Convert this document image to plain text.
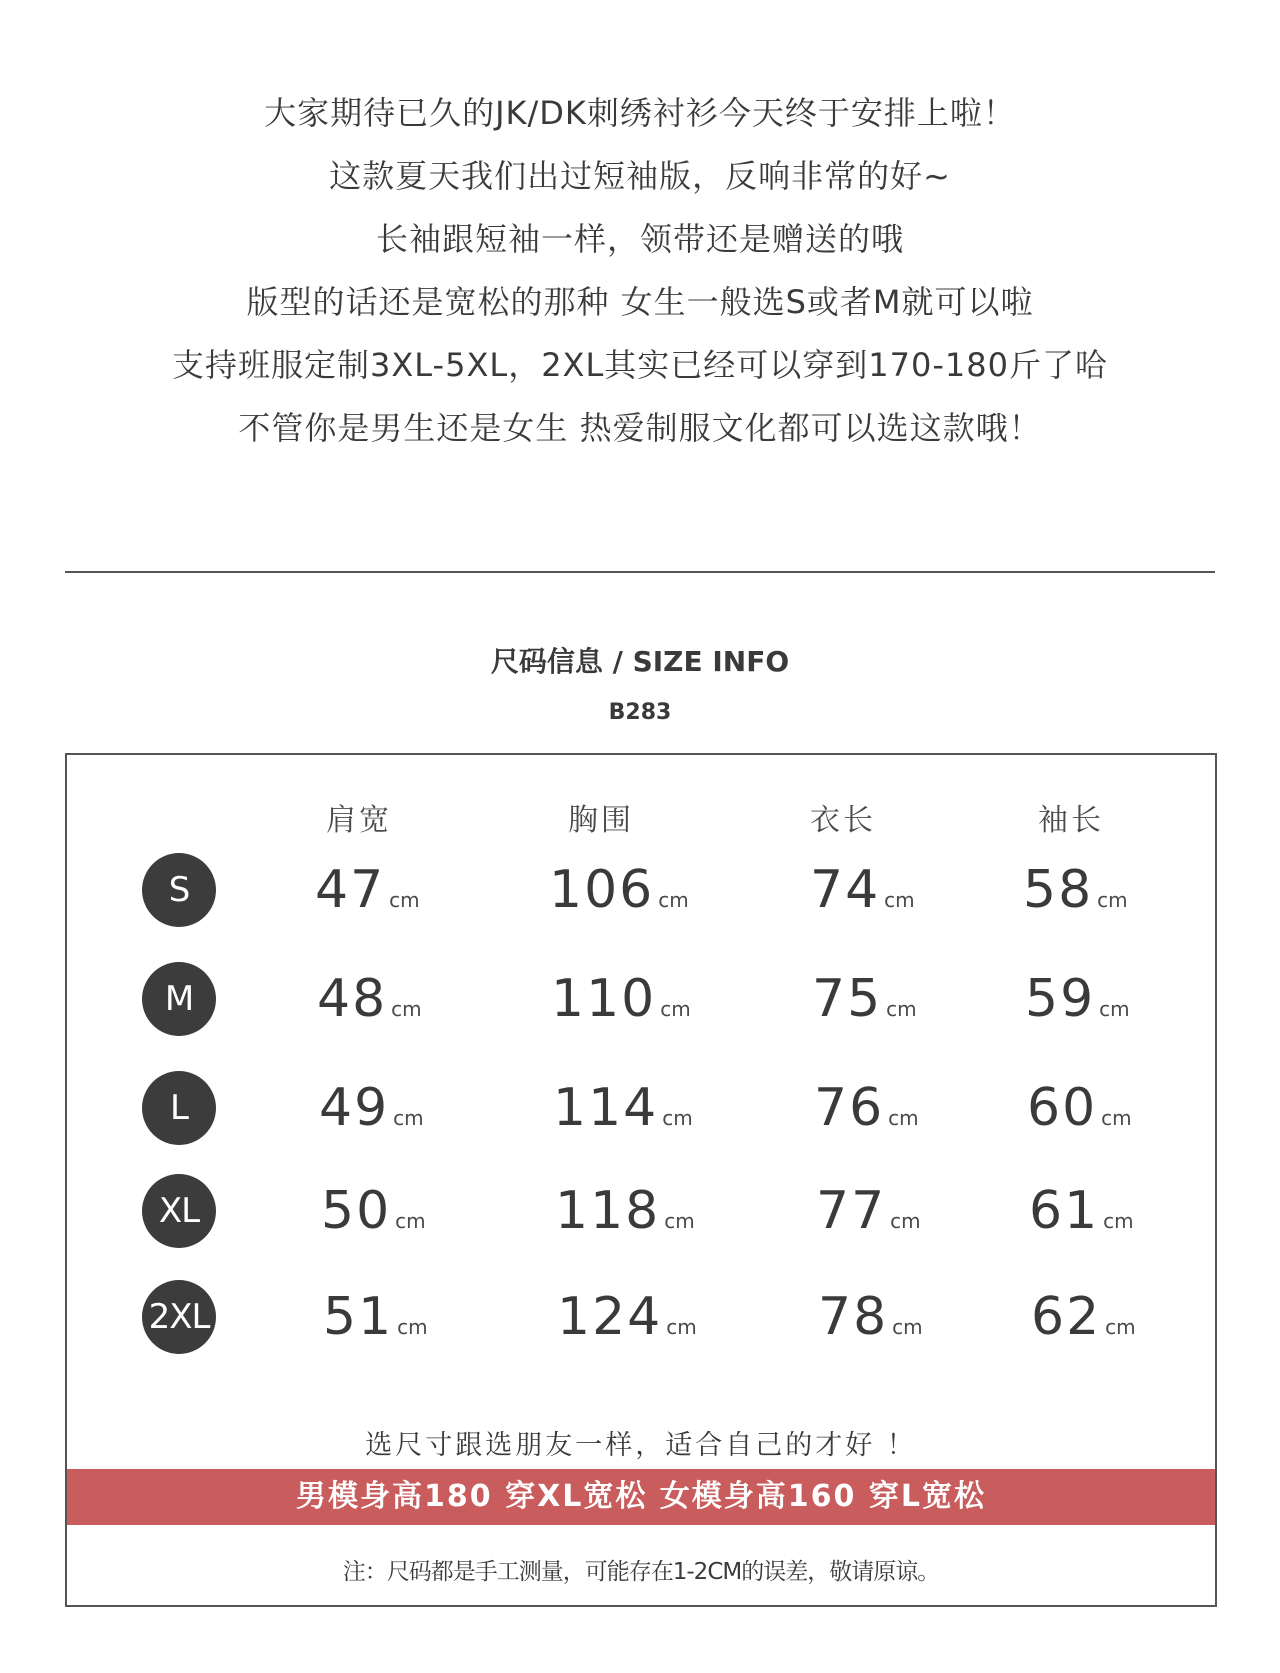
大家期待已久的JK/DK刺绣衬衫今天终于安排上啦！
这款夏天我们出过短袖版，反响非常的好~
长袖跟短袖一样，领带还是赠送的哦
版型的话还是宽松的那种 女生一般选S或者M就可以啦
支持班服定制3XL-5XL，2XL其实已经可以穿到170-180斤了哈
不管你是男生还是女生 热爱制服文化都可以选这款哦！
尺码信息 / SIZE INFO
B283
肩宽	胸围	衣长	袖长
S	47 cm 106 cm 74 cm 58 cm
M	48 cm 110 cm 75 cm 59 cm
L	49 cm 114 cm 76 cm 60 cm
XL	50 cm 118 cm 77 cm 61 cm
2XL 51 cm 124 cm 78 cm 62 cm
选尺寸跟选朋友一样，适合自己的才好 ！
男模身高180 穿XL宽松 女模身高160 穿L宽松
注：尺码都是手工测量，可能存在1-2CM的误差，敬请原谅。
